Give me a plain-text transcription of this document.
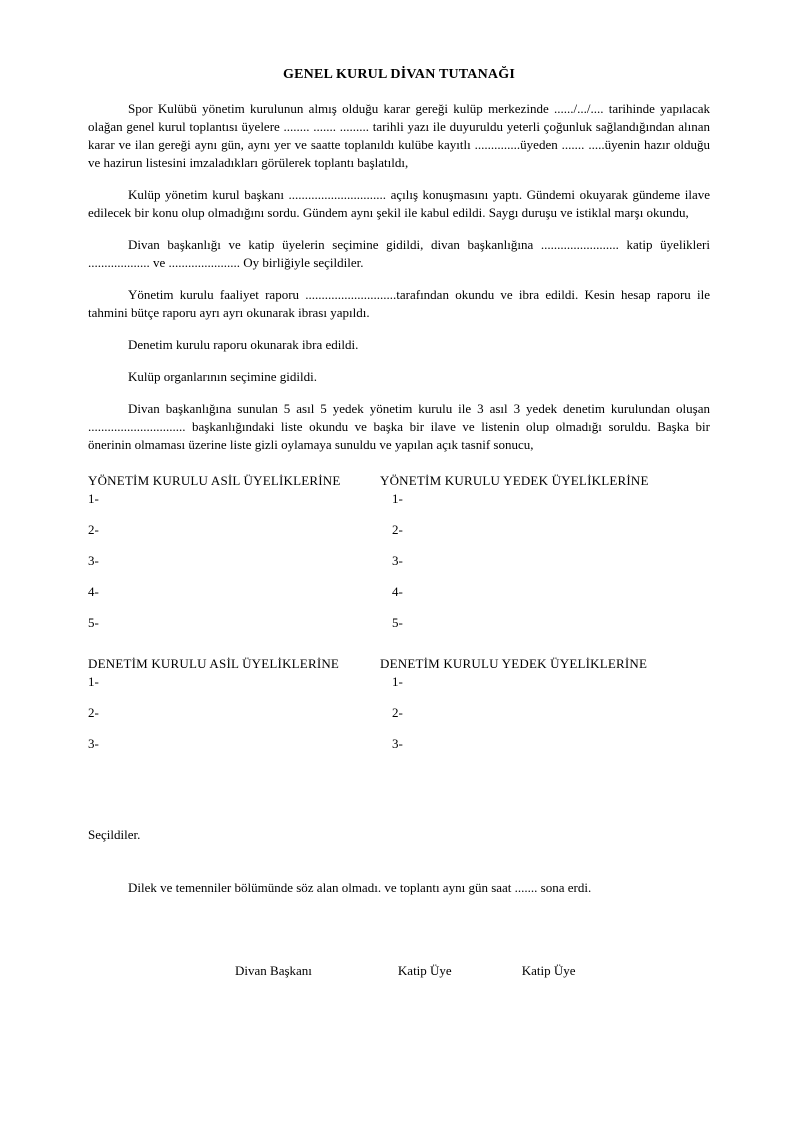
GENEL KURUL DİVAN TUTANAĞI

Spor Kulübü yönetim kurulunun almış olduğu karar gereği kulüp merkezinde ....../.../.... tarihinde yapılacak olağan genel kurul toplantısı üyelere ........ ....... ......... tarihli yazı ile duyuruldu yeterli çoğunluk sağlandığından alınan karar ve ilan gereği aynı gün, aynı yer ve saatte toplanıldı kulübe kayıtlı ..............üyeden ....... .....üyenin hazır olduğu ve hazirun listesini imzaladıkları görülerek toplantı başlatıldı,

Kulüp yönetim kurul başkanı .............................. açılış konuşmasını yaptı. Gündemi okuyarak gündeme ilave edilecek bir konu olup olmadığını sordu. Gündem aynı şekil ile kabul edildi. Saygı duruşu ve istiklal marşı okundu,

Divan başkanlığı ve katip üyelerin seçimine gidildi, divan başkanlığına ........................ katip üyelikleri ................... ve ...................... Oy birliğiyle seçildiler.

Yönetim kurulu faaliyet raporu ............................tarafından okundu ve ibra edildi. Kesin hesap raporu ile tahmini bütçe raporu ayrı ayrı okunarak ibrası yapıldı.

Denetim kurulu raporu okunarak ibra edildi.

Kulüp organlarının seçimine gidildi.

Divan başkanlığına sunulan 5 asıl 5 yedek yönetim kurulu ile 3 asıl 3 yedek denetim kurulundan oluşan .............................. başkanlığındaki liste okundu ve başka bir ilave ve listenin olup olmadığı soruldu. Başka bir önerinin olmaması üzerine liste gizli oylamaya sunuldu ve yapılan açık tasnif sonucu,

YÖNETİM KURULU ASİL ÜYELİKLERİNE
1-
2-
3-
4-
5-
YÖNETİM KURULU YEDEK ÜYELİKLERİNE
1-
2-
3-
4-
5-
DENETİM KURULU ASİL ÜYELİKLERİNE
1-
2-
3-
DENETİM KURULU YEDEK ÜYELİKLERİNE
1-
2-
3-

Seçildiler.

Dilek ve temenniler bölümünde söz alan olmadı. ve toplantı aynı gün saat ....... sona erdi.

Divan Başkanı	Katip Üye	Katip Üye
